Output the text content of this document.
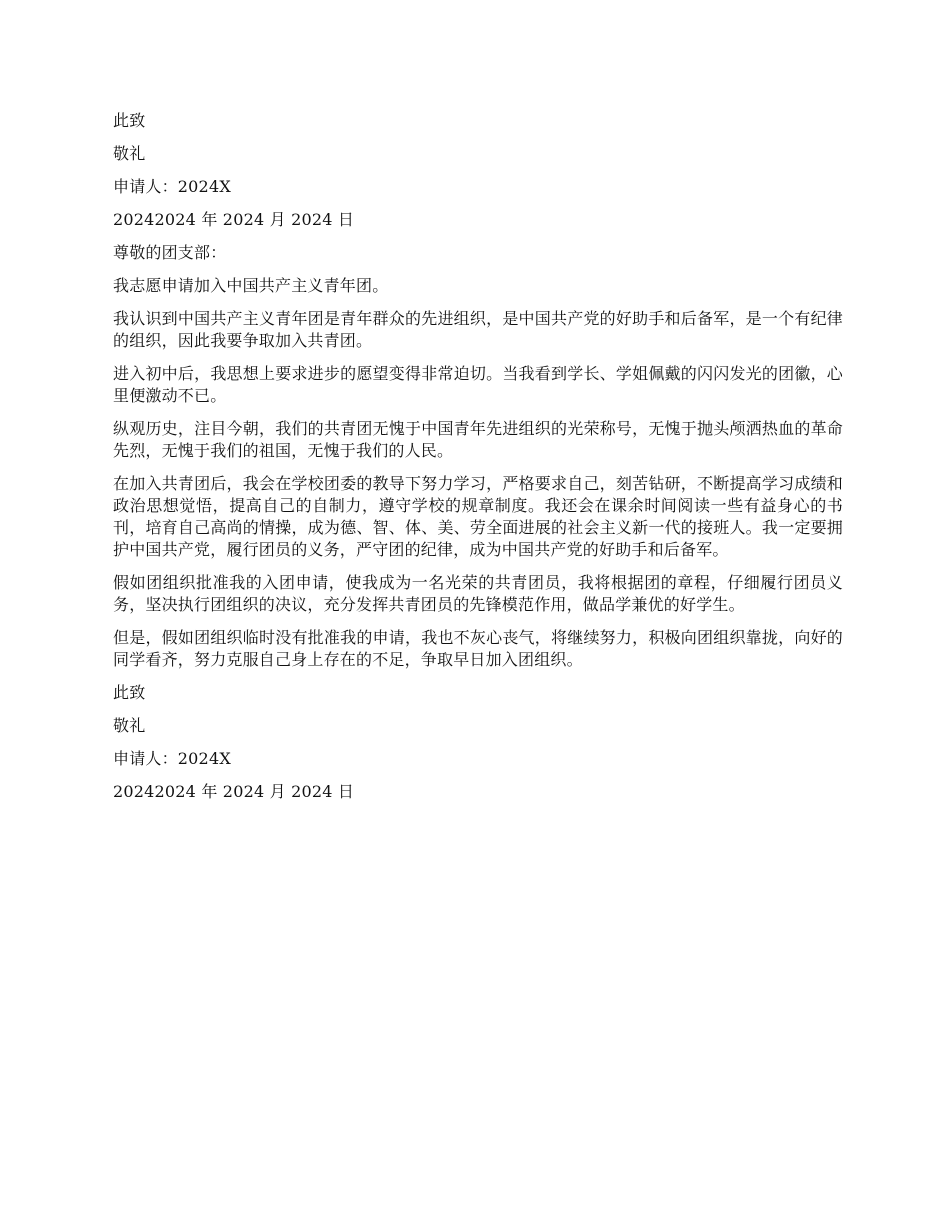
此致

敬礼

申请人：2024X

20242024 年 2024 月 2024 日

尊敬的团支部：

我志愿申请加入中国共产主义青年团。

我认识到中国共产主义青年团是青年群众的先进组织，是中国共产党的好助手和后备军，是一个有纪律的组织，因此我要争取加入共青团。

进入初中后，我思想上要求进步的愿望变得非常迫切。当我看到学长、学姐佩戴的闪闪发光的团徽，心里便激动不已。

纵观历史，注目今朝，我们的共青团无愧于中国青年先进组织的光荣称号，无愧于抛头颅洒热血的革命先烈，无愧于我们的祖国，无愧于我们的人民。

在加入共青团后，我会在学校团委的教导下努力学习，严格要求自己，刻苦钻研，不断提高学习成绩和政治思想觉悟，提高自己的自制力，遵守学校的规章制度。我还会在课余时间阅读一些有益身心的书刊，培育自己高尚的情操，成为德、智、体、美、劳全面进展的社会主义新一代的接班人。我一定要拥护中国共产党，履行团员的义务，严守团的纪律，成为中国共产党的好助手和后备军。

假如团组织批准我的入团申请，使我成为一名光荣的共青团员，我将根据团的章程，仔细履行团员义务，坚决执行团组织的决议，充分发挥共青团员的先锋模范作用，做品学兼优的好学生。

但是，假如团组织临时没有批准我的申请，我也不灰心丧气，将继续努力，积极向团组织靠拢，向好的同学看齐，努力克服自己身上存在的不足，争取早日加入团组织。

此致

敬礼

申请人：2024X

20242024 年 2024 月 2024 日
